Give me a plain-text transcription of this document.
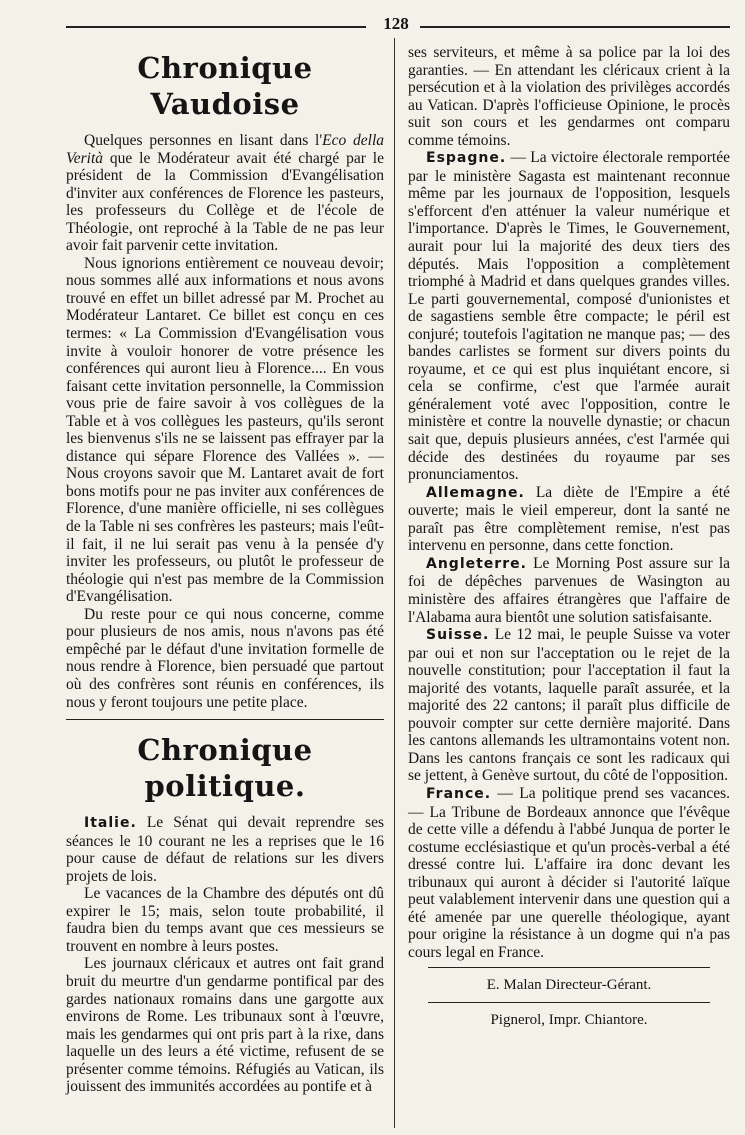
128
Chronique Vaudoise

Quelques personnes en lisant dans l'Eco della Verità que le Modérateur avait été chargé par le président de la Commission d'Evangélisation d'inviter aux conférences de Florence les pasteurs, les professeurs du Collège et de l'école de Théologie, ont reproché à la Table de ne pas leur avoir fait parvenir cette invitation.

Nous ignorions entièrement ce nouveau devoir; nous sommes allé aux informations et nous avons trouvé en effet un billet adressé par M. Prochet au Modérateur Lantaret. Ce billet est conçu en ces termes: « La Commission d'Evangélisation vous invite à vouloir honorer de votre présence les conférences qui auront lieu à Florence.... En vous faisant cette invitation personnelle, la Commission vous prie de faire savoir à vos collègues de la Table et à vos collègues les pasteurs, qu'ils seront les bienvenus s'ils ne se laissent pas effrayer par la distance qui sépare Florence des Vallées ». — Nous croyons savoir que M. Lantaret avait de fort bons motifs pour ne pas inviter aux conférences de Florence, d'une manière officielle, ni ses collègues de la Table ni ses confrères les pasteurs; mais l'eût-il fait, il ne lui serait pas venu à la pensée d'y inviter les professeurs, ou plutôt le professeur de théologie qui n'est pas membre de la Commission d'Evangélisation.

Du reste pour ce qui nous concerne, comme pour plusieurs de nos amis, nous n'avons pas été empêché par le défaut d'une invitation formelle de nous rendre à Florence, bien persuadé que partout où des confrères sont réunis en conférences, ils nous y feront toujours une petite place.

Chronique politique.

Italie. Le Sénat qui devait reprendre ses séances le 10 courant ne les a reprises que le 16 pour cause de défaut de relations sur les divers projets de lois.

Le vacances de la Chambre des députés ont dû expirer le 15; mais, selon toute probabilité, il faudra bien du temps avant que ces messieurs se trouvent en nombre à leurs postes.

Les journaux cléricaux et autres ont fait grand bruit du meurtre d'un gendarme pontifical par des gardes nationaux romains dans une gargotte aux environs de Rome. Les tribunaux sont à l'œuvre, mais les gendarmes qui ont pris part à la rixe, dans laquelle un des leurs a été victime, refusent de se présenter comme témoins. Réfugiés au Vatican, ils jouissent des immunités accordées au pontife et à

ses serviteurs, et même à sa police par la loi des garanties. — En attendant les cléricaux crient à la persécution et à la violation des privilèges accordés au Vatican. D'après l'officieuse Opinione, le procès suit son cours et les gendarmes ont comparu comme témoins.

Espagne. — La victoire électorale remportée par le ministère Sagasta est maintenant reconnue même par les journaux de l'opposition, lesquels s'efforcent d'en atténuer la valeur numérique et l'importance. D'après le Times, le Gouvernement, aurait pour lui la majorité des deux tiers des députés. Mais l'opposition a complètement triomphé à Madrid et dans quelques grandes villes. Le parti gouvernemental, composé d'unionistes et de sagastiens semble être compacte; le péril est conjuré; toutefois l'agitation ne manque pas; — des bandes carlistes se forment sur divers points du royaume, et ce qui est plus inquiétant encore, si cela se confirme, c'est que l'armée aurait généralement voté avec l'opposition, contre le ministère et contre la nouvelle dynastie; or chacun sait que, depuis plusieurs années, c'est l'armée qui décide des destinées du royaume par ses pronunciamentos.

Allemagne. La diète de l'Empire a été ouverte; mais le vieil empereur, dont la santé ne paraît pas être complètement remise, n'est pas intervenu en personne, dans cette fonction.

Angleterre. Le Morning Post assure sur la foi de dépêches parvenues de Wasington au ministère des affaires étrangères que l'affaire de l'Alabama aura bientôt une solution satisfaisante.

Suisse. Le 12 mai, le peuple Suisse va voter par oui et non sur l'acceptation ou le rejet de la nouvelle constitution; pour l'acceptation il faut la majorité des votants, laquelle paraît assurée, et la majorité des 22 cantons; il paraît plus difficile de pouvoir compter sur cette dernière majorité. Dans les cantons allemands les ultramontains votent non. Dans les cantons français ce sont les radicaux qui se jettent, à Genève surtout, du côté de l'opposition.

France. — La politique prend ses vacances. — La Tribune de Bordeaux annonce que l'évêque de cette ville a défendu à l'abbé Junqua de porter le costume ecclésiastique et qu'un procès-verbal a été dressé contre lui. L'affaire ira donc devant les tribunaux qui auront à décider si l'autorité laïque peut valablement intervenir dans une question qui a été amenée par une querelle théologique, ayant pour origine la résistance à un dogme qui n'a pas cours legal en France.

E. Malan Directeur-Gérant.
Pignerol, Impr. Chiantore.
